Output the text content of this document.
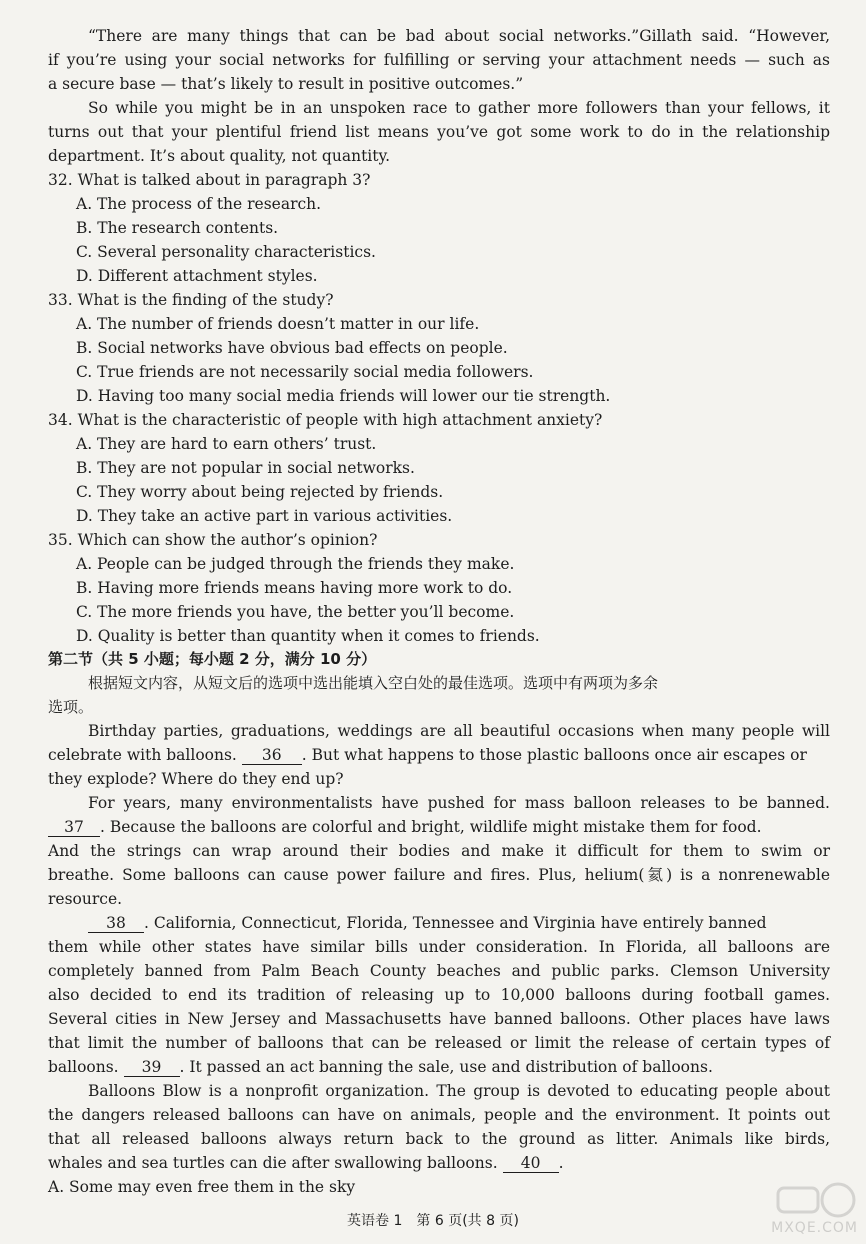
“There are many things that can be bad about social networks.”Gillath said. “However,
if you’re using your social networks for fulfilling or serving your attachment needs — such as
a secure base — that’s likely to result in positive outcomes.”
So while you might be in an unspoken race to gather more followers than your fellows, it
turns out that your plentiful friend list means you’ve got some work to do in the relationship
department. It’s about quality, not quantity.
32. What is talked about in paragraph 3?
A. The process of the research.
B. The research contents.
C. Several personality characteristics.
D. Different attachment styles.
33. What is the finding of the study?
A. The number of friends doesn’t matter in our life.
B. Social networks have obvious bad effects on people.
C. True friends are not necessarily social media followers.
D. Having too many social media friends will lower our tie strength.
34. What is the characteristic of people with high attachment anxiety?
A. They are hard to earn others’ trust.
B. They are not popular in social networks.
C. They worry about being rejected by friends.
D. They take an active part in various activities.
35. Which can show the author’s opinion?
A. People can be judged through the friends they make.
B. Having more friends means having more work to do.
C. The more friends you have, the better you’ll become.
D. Quality is better than quantity when it comes to friends.
第二节（共 5 小题；每小题 2 分，满分 10 分）
根据短文内容，从短文后的选项中选出能填入空白处的最佳选项。选项中有两项为多余
选项。
Birthday parties, graduations, weddings are all beautiful occasions when many people will
celebrate with balloons. 36 . But what happens to those plastic balloons once air escapes or
they explode? Where do they end up?
For years, many environmentalists have pushed for mass balloon releases to be banned.
37 . Because the balloons are colorful and bright, wildlife might mistake them for food.
And the strings can wrap around their bodies and make it difficult for them to swim or
breathe. Some balloons can cause power failure and fires. Plus, helium(氦) is a nonrenewable
resource.
38 . California, Connecticut, Florida, Tennessee and Virginia have entirely banned
them while other states have similar bills under consideration. In Florida, all balloons are
completely banned from Palm Beach County beaches and public parks. Clemson University
also decided to end its tradition of releasing up to 10,000 balloons during football games.
Several cities in New Jersey and Massachusetts have banned balloons. Other places have laws
that limit the number of balloons that can be released or limit the release of certain types of
balloons. 39 . It passed an act banning the sale, use and distribution of balloons.
Balloons Blow is a nonprofit organization. The group is devoted to educating people about
the dangers released balloons can have on animals, people and the environment. It points out
that all released balloons always return back to the ground as litter. Animals like birds,
whales and sea turtles can die after swallowing balloons. 40 .
A. Some may even free them in the sky
英语卷 1　第 6 页(共 8 页)	MXQE.COM
